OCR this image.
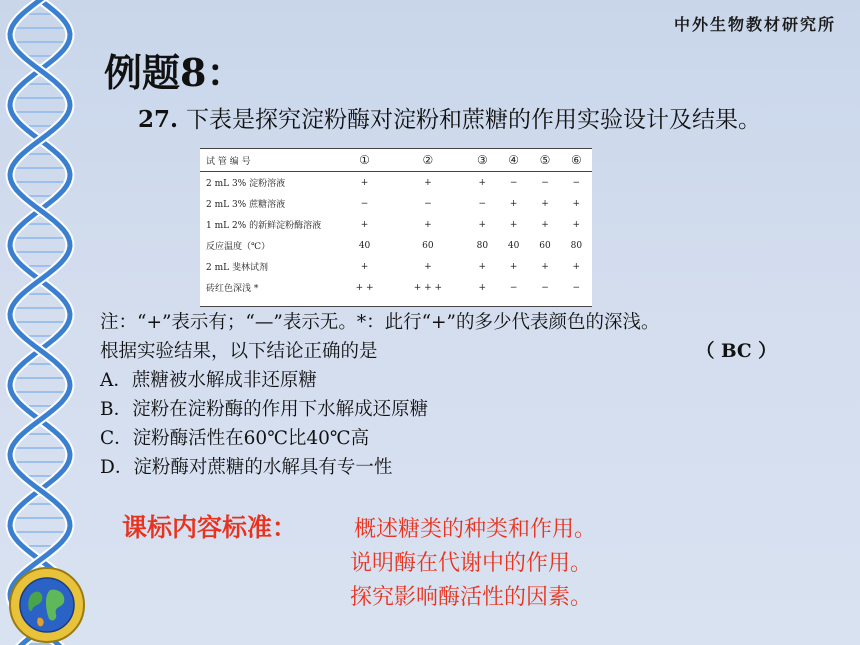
中外生物教材研究所
例题8：
27. 下表是探究淀粉酶对淀粉和蔗糖的作用实验设计及结果。
试 管 编 号	①	②	③	④	⑤	⑥
2 mL 3% 淀粉溶液	+	+	+	−	−	−
2 mL 3% 蔗糖溶液	−	−	−	+	+	+
1 mL 2% 的新鲜淀粉酶溶液	+	+	+	+	+	+
反应温度（℃）	40	60	80	40	60	80
2 mL 斐林试剂	+	+	+	+	+	+
砖红色深浅 *	+ +	+ + +	+	−	−	−
注：“+”表示有；“—”表示无。*：此行“+”的多少代表颜色的深浅。
根据实验结果，以下结论正确的是	（ BC ）
A．蔗糖被水解成非还原糖
B．淀粉在淀粉酶的作用下水解成还原糖
C．淀粉酶活性在60℃比40℃高
D．淀粉酶对蔗糖的水解具有专一性
课标内容标准：	概述糖类的种类和作用。
说明酶在代谢中的作用。
探究影响酶活性的因素。
